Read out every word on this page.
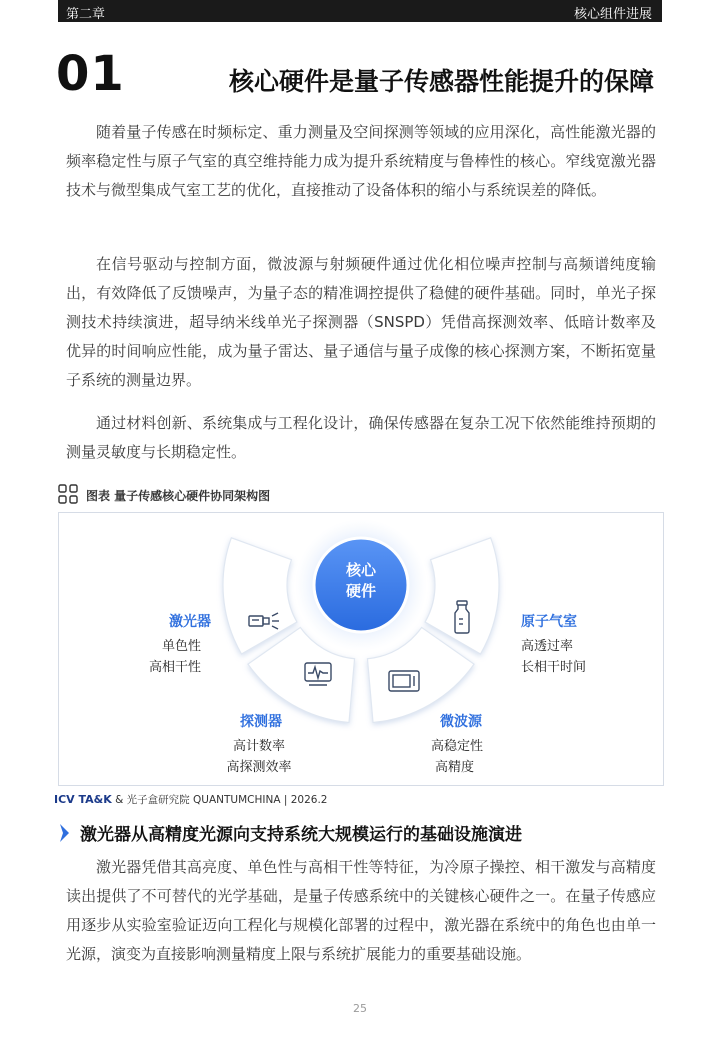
第二章	核心组件进展
01	核心硬件是量子传感器性能提升的保障

随着量子传感在时频标定、重力测量及空间探测等领域的应用深化，高性能激光器的频率稳定性与原子气室的真空维持能力成为提升系统精度与鲁棒性的核心。窄线宽激光器技术与微型集成气室工艺的优化，直接推动了设备体积的缩小与系统误差的降低。

在信号驱动与控制方面，微波源与射频硬件通过优化相位噪声控制与高频谱纯度输出，有效降低了反馈噪声，为量子态的精准调控提供了稳健的硬件基础。同时，单光子探测技术持续演进，超导纳米线单光子探测器（SNSPD）凭借高探测效率、低暗计数率及优异的时间响应性能，成为量子雷达、量子通信与量子成像的核心探测方案，不断拓宽量子系统的测量边界。

通过材料创新、系统集成与工程化设计，确保传感器在复杂工况下依然能维持预期的测量灵敏度与长期稳定性。

图表 量子传感核心硬件协同架构图
核心
硬件
激光器
单色性
高相干性
探测器
高计数率
高探测效率
微波源
高稳定性
高精度
原子气室
高透过率
长相干时间
ICV TA&K & 光子盒研究院 QUANTUMCHINA | 2026.2
激光器从高精度光源向支持系统大规模运行的基础设施演进

激光器凭借其高亮度、单色性与高相干性等特征，为冷原子操控、相干激发与高精度读出提供了不可替代的光学基础，是量子传感系统中的关键核心硬件之一。在量子传感应用逐步从实验室验证迈向工程化与规模化部署的过程中，激光器在系统中的角色也由单一光源，演变为直接影响测量精度上限与系统扩展能力的重要基础设施。

25
